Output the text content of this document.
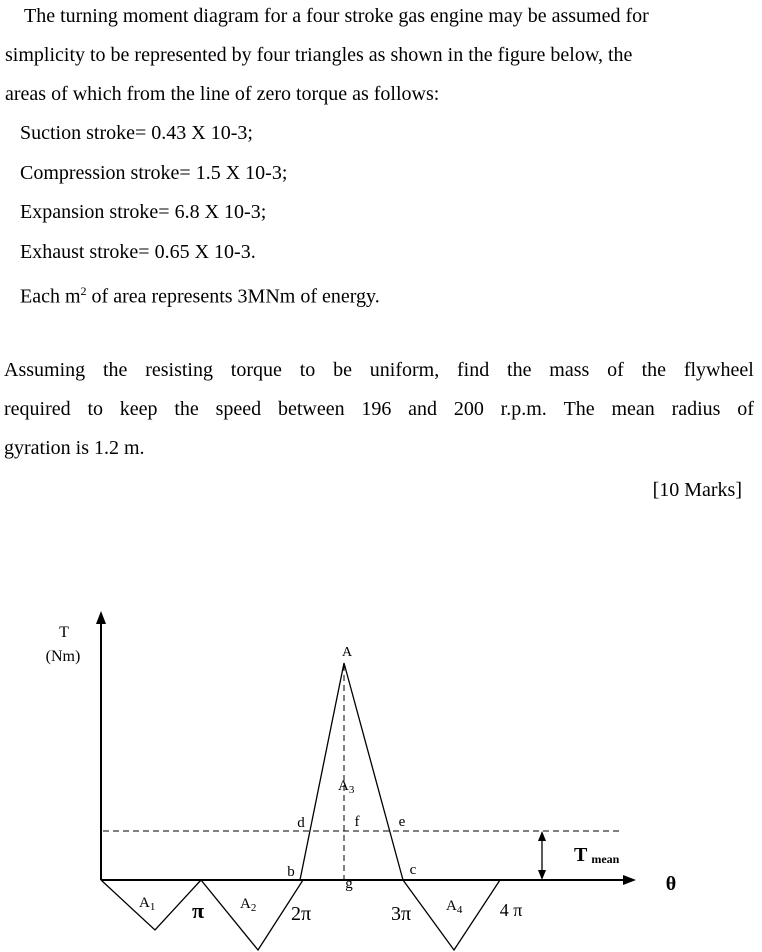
The turning moment diagram for a four stroke gas engine may be assumed for
simplicity to be represented by four triangles as shown in the figure below, the
areas of which from the line of zero torque as follows:

Suction stroke= 0.43 X 10-3;

Compression stroke= 1.5 X 10-3;

Expansion stroke= 6.8 X 10-3;

Exhaust stroke= 0.65 X 10-3.

Each $m^2$ of area represents 3MNm of energy.

Assuming the resisting torque to be uniform, find the mass of the flywheel
required to keep the speed between 196 and 200 r.p.m. The mean radius of
gyration is 1.2 m.
[10 Marks]
T
(Nm)
θ
Tmean
A
b	c
d	e
f
g
$A_1$	$A_2$
$A_3$
$A_4$
π	2π	3π	4 π
